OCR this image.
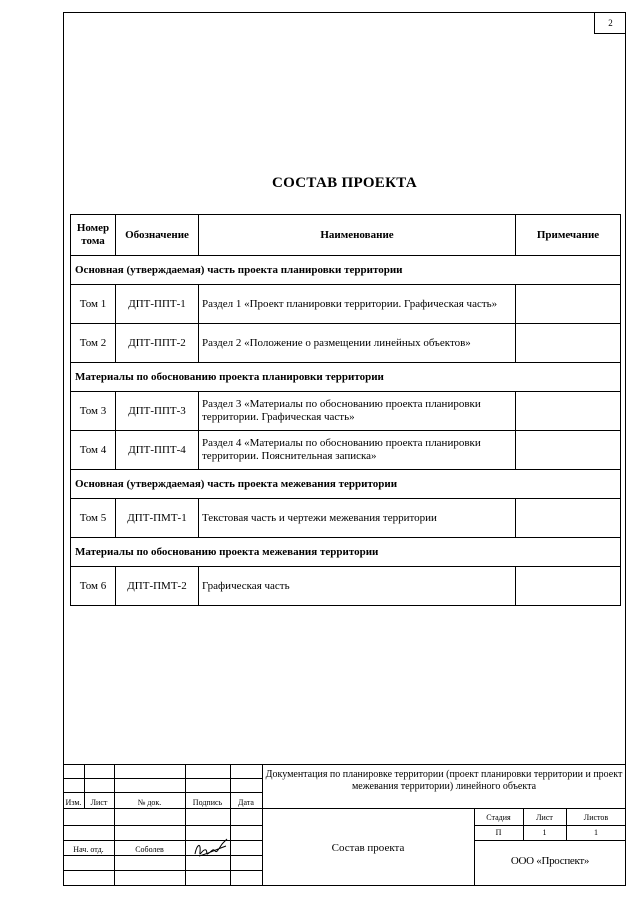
2
СОСТАВ ПРОЕКТА
Номер тома	Обозначение	Наименование	Примечание
Основная (утверждаемая) часть проекта планировки территории			
Том 1	ДПТ-ППТ-1	Раздел 1 «Проект планировки территории. Графическая часть»	
Том 2	ДПТ-ППТ-2	Раздел 2 «Положение о размещении линейных объектов»	
Материалы по обоснованию проекта планировки территории			
Том 3	ДПТ-ППТ-3	Раздел 3 «Материалы по обоснованию проекта планировки территории. Графическая часть»	
Том 4	ДПТ-ППТ-4	Раздел 4 «Материалы по обоснованию проекта планировки территории. Пояснительная записка»	
Основная (утверждаемая) часть проекта межевания территории			
Том 5	ДПТ-ПМТ-1	Текстовая часть и чертежи межевания территории	
Материалы по обоснованию проекта межевания территории			
Том 6	ДПТ-ПМТ-2	Графическая часть	
Изм.	Лист	№ док.	Подпись	Дата
Документация по планировке территории (проект планировки территории и проект межевания территории) линейного объекта
Нач. отд.	Соболев	Состав проекта
Стадия	Лист	Листов
П	1	1
ООО «Проспект»
